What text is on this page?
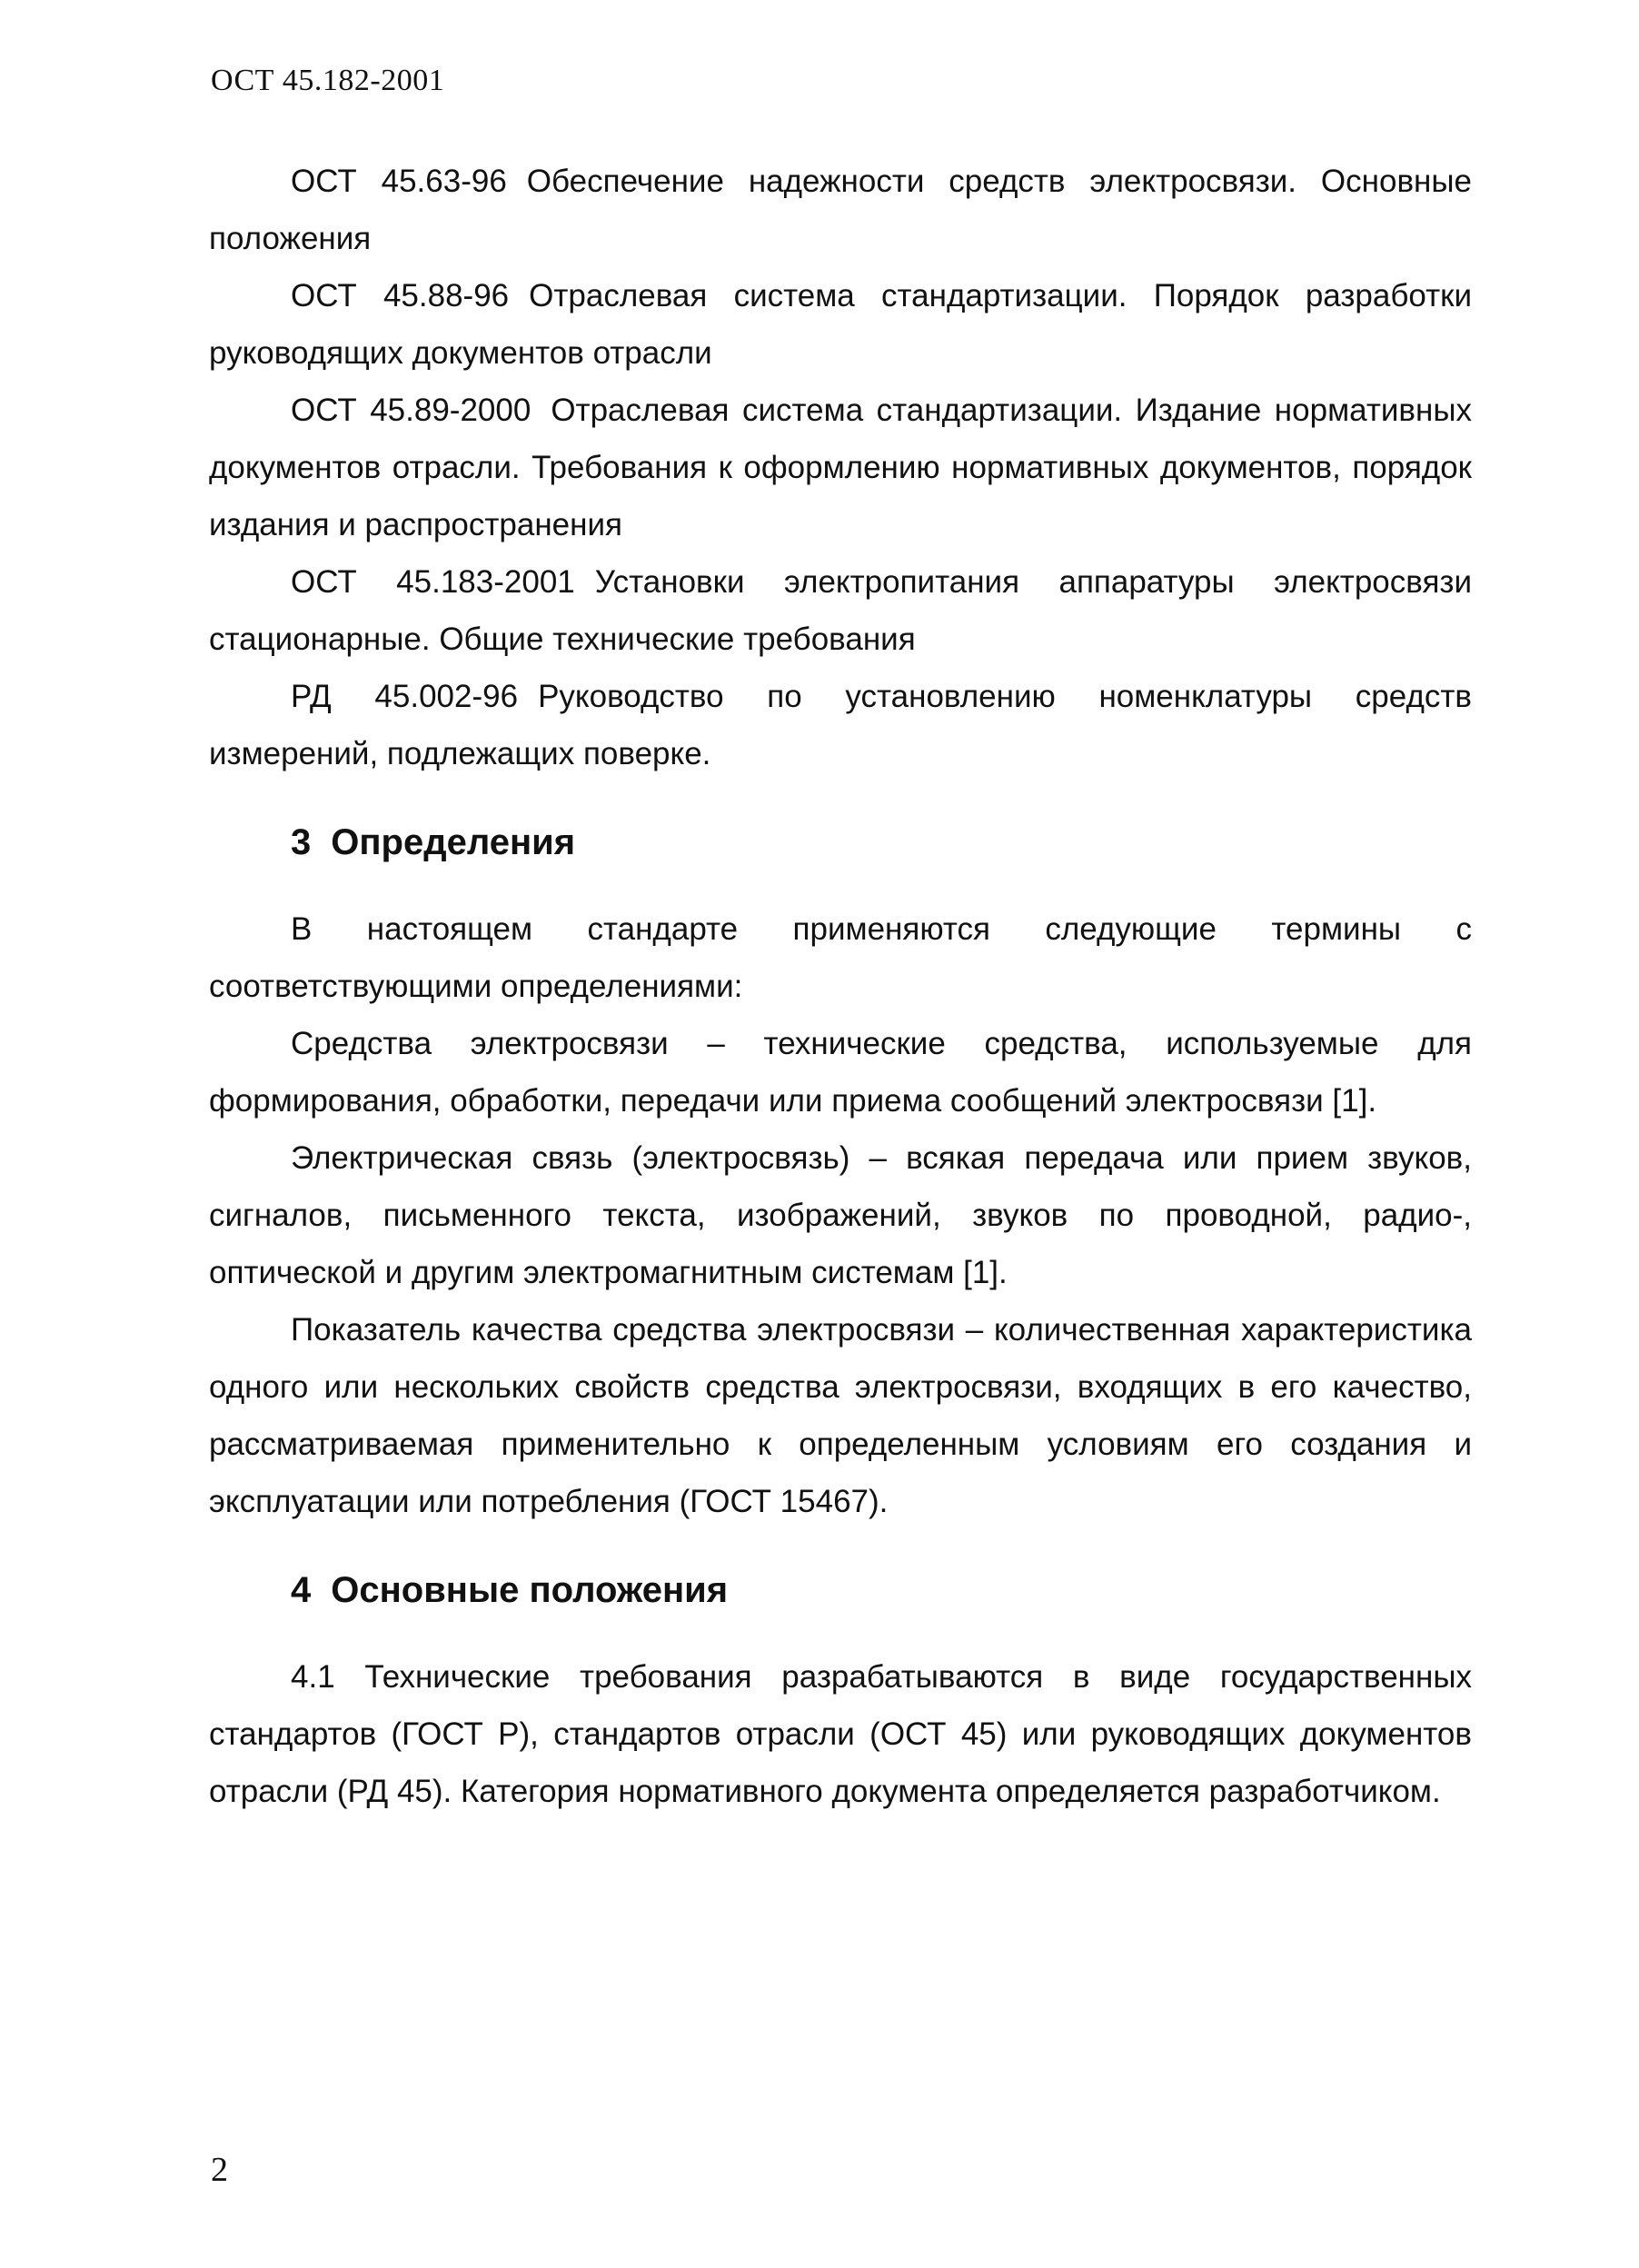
ОСТ 45.182-2001

ОСТ 45.63-96 Обеспечение надежности средств электросвязи. Основные положения

ОСТ 45.88-96 Отраслевая система стандартизации. Порядок разработки руководящих документов отрасли

ОСТ 45.89-2000 Отраслевая система стандартизации. Издание нормативных документов отрасли. Требования к оформлению нормативных документов, порядок издания и распространения

ОСТ 45.183-2001 Установки электропитания аппаратуры электросвязи стационарные. Общие технические требования

РД 45.002-96 Руководство по установлению номенклатуры средств измерений, подлежащих поверке.

3 Определения

В настоящем стандарте применяются следующие термины с соответствующими определениями:

Средства электросвязи – технические средства, используемые для формирования, обработки, передачи или приема сообщений электросвязи [1].

Электрическая связь (электросвязь) – всякая передача или прием звуков, сигналов, письменного текста, изображений, звуков по проводной, радио-, оптической и другим электромагнитным системам [1].

Показатель качества средства электросвязи – количественная характеристика одного или нескольких свойств средства электросвязи, входящих в его качество, рассматриваемая применительно к определенным условиям его создания и эксплуатации или потребления (ГОСТ 15467).

4 Основные положения

4.1 Технические требования разрабатываются в виде государственных стандартов (ГОСТ Р), стандартов отрасли (ОСТ 45) или руководящих документов отрасли (РД 45). Категория нормативного документа определяется разработчиком.

2
